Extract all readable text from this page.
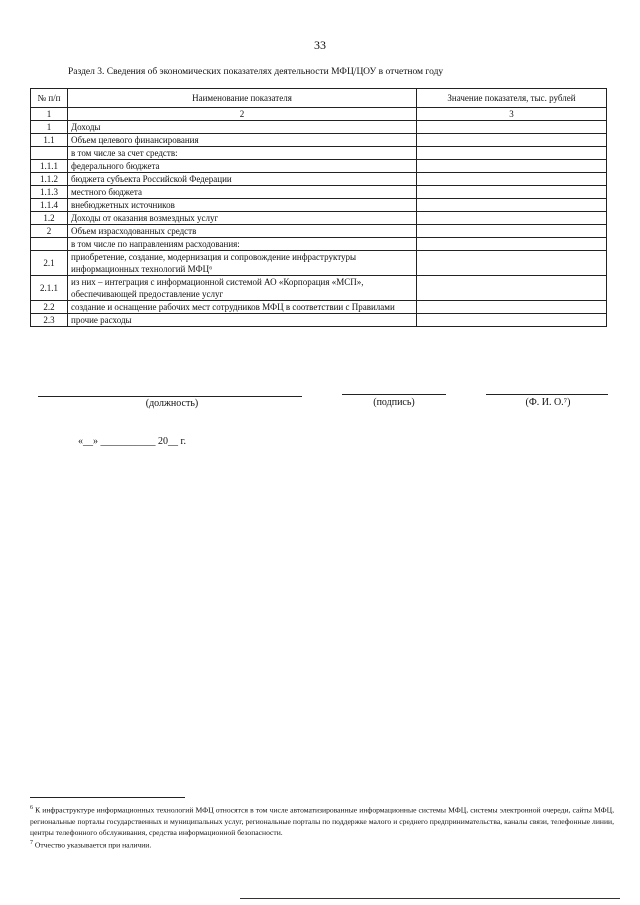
33
Раздел 3. Сведения об экономических показателях деятельности МФЦ/ЦОУ в отчетном году
№ п/п	Наименование показателя	Значение показателя, тыс. рублей
1	2	3
1	Доходы	
1.1	Объем целевого финансирования	
	в том числе за счет средств:	
1.1.1	федерального бюджета	
1.1.2	бюджета субъекта Российской Федерации	
1.1.3	местного бюджета	
1.1.4	внебюджетных источников	
1.2	Доходы от оказания возмездных услуг	
2	Объем израсходованных средств	
	в том числе по направлениям расходования:	
2.1	приобретение, создание, модернизация и сопровождение инфраструктуры информационных технологий МФЦ⁶	
2.1.1	из них – интеграция с информационной системой АО «Корпорация «МСП», обеспечивающей предоставление услуг	
2.2	создание и оснащение рабочих мест сотрудников МФЦ в соответствии с Правилами	
2.3	прочие расходы	
(должность)	(подпись)	(Ф. И. О.⁷)
«__» ___________ 20__ г.

$^6$ К инфраструктуре информационных технологий МФЦ относятся в том числе автоматизированные информационные системы МФЦ, системы электронной очереди, сайты МФЦ, региональные порталы государственных и муниципальных услуг, региональные порталы по поддержке малого и среднего предпринимательства, каналы связи, телефонные линии, центры телефонного обслуживания, средства информационной безопасности.

$^7$ Отчество указывается при наличии.
